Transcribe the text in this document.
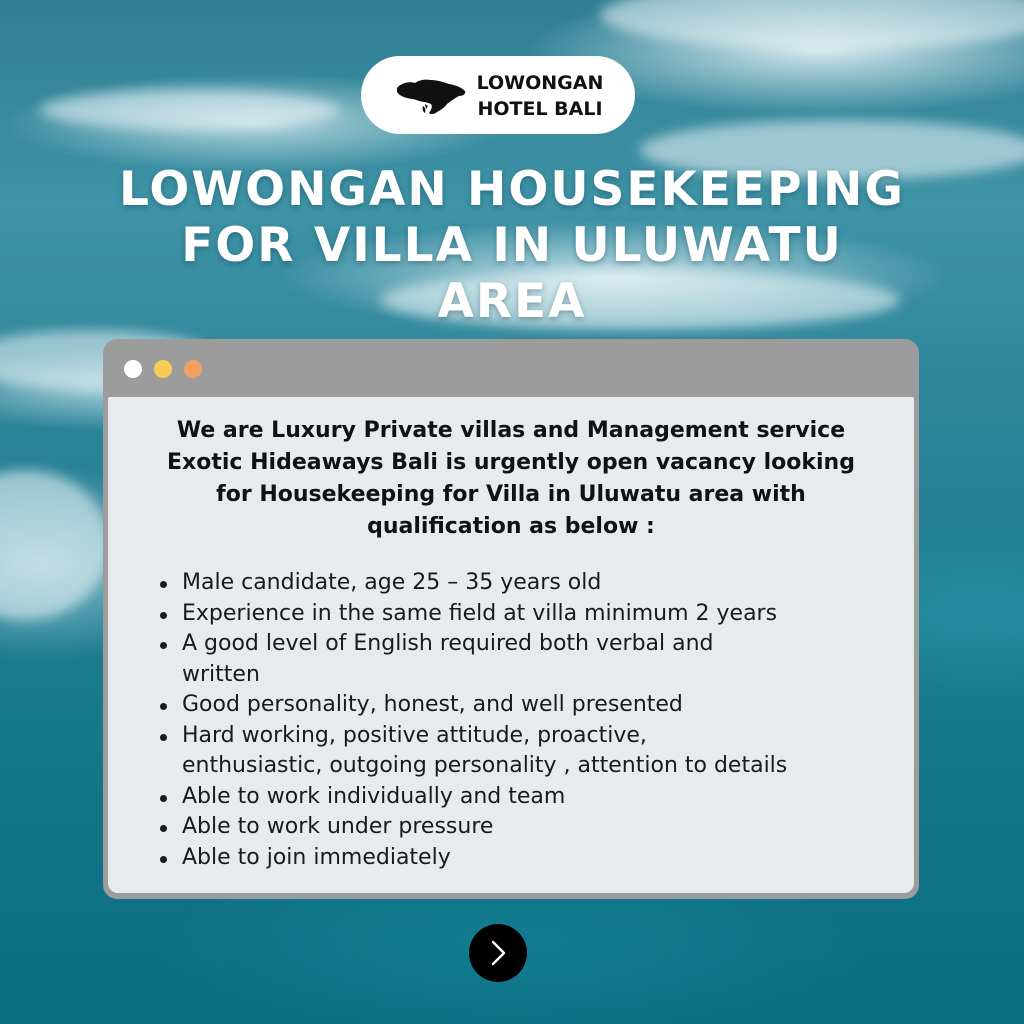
LOWONGAN
HOTEL BALI
LOWONGAN HOUSEKEEPING
FOR VILLA IN ULUWATU
AREA
We are Luxury Private villas and Management service
Exotic Hideaways Bali is urgently open vacancy looking
for Housekeeping for Villa in Uluwatu area with
qualification as below :
Male candidate, age 25 – 35 years old
Experience in the same field at villa minimum 2 years
A good level of English required both verbal and
written
Good personality, honest, and well presented
Hard working, positive attitude, proactive,
enthusiastic, outgoing personality , attention to details
Able to work individually and team
Able to work under pressure
Able to join immediately
